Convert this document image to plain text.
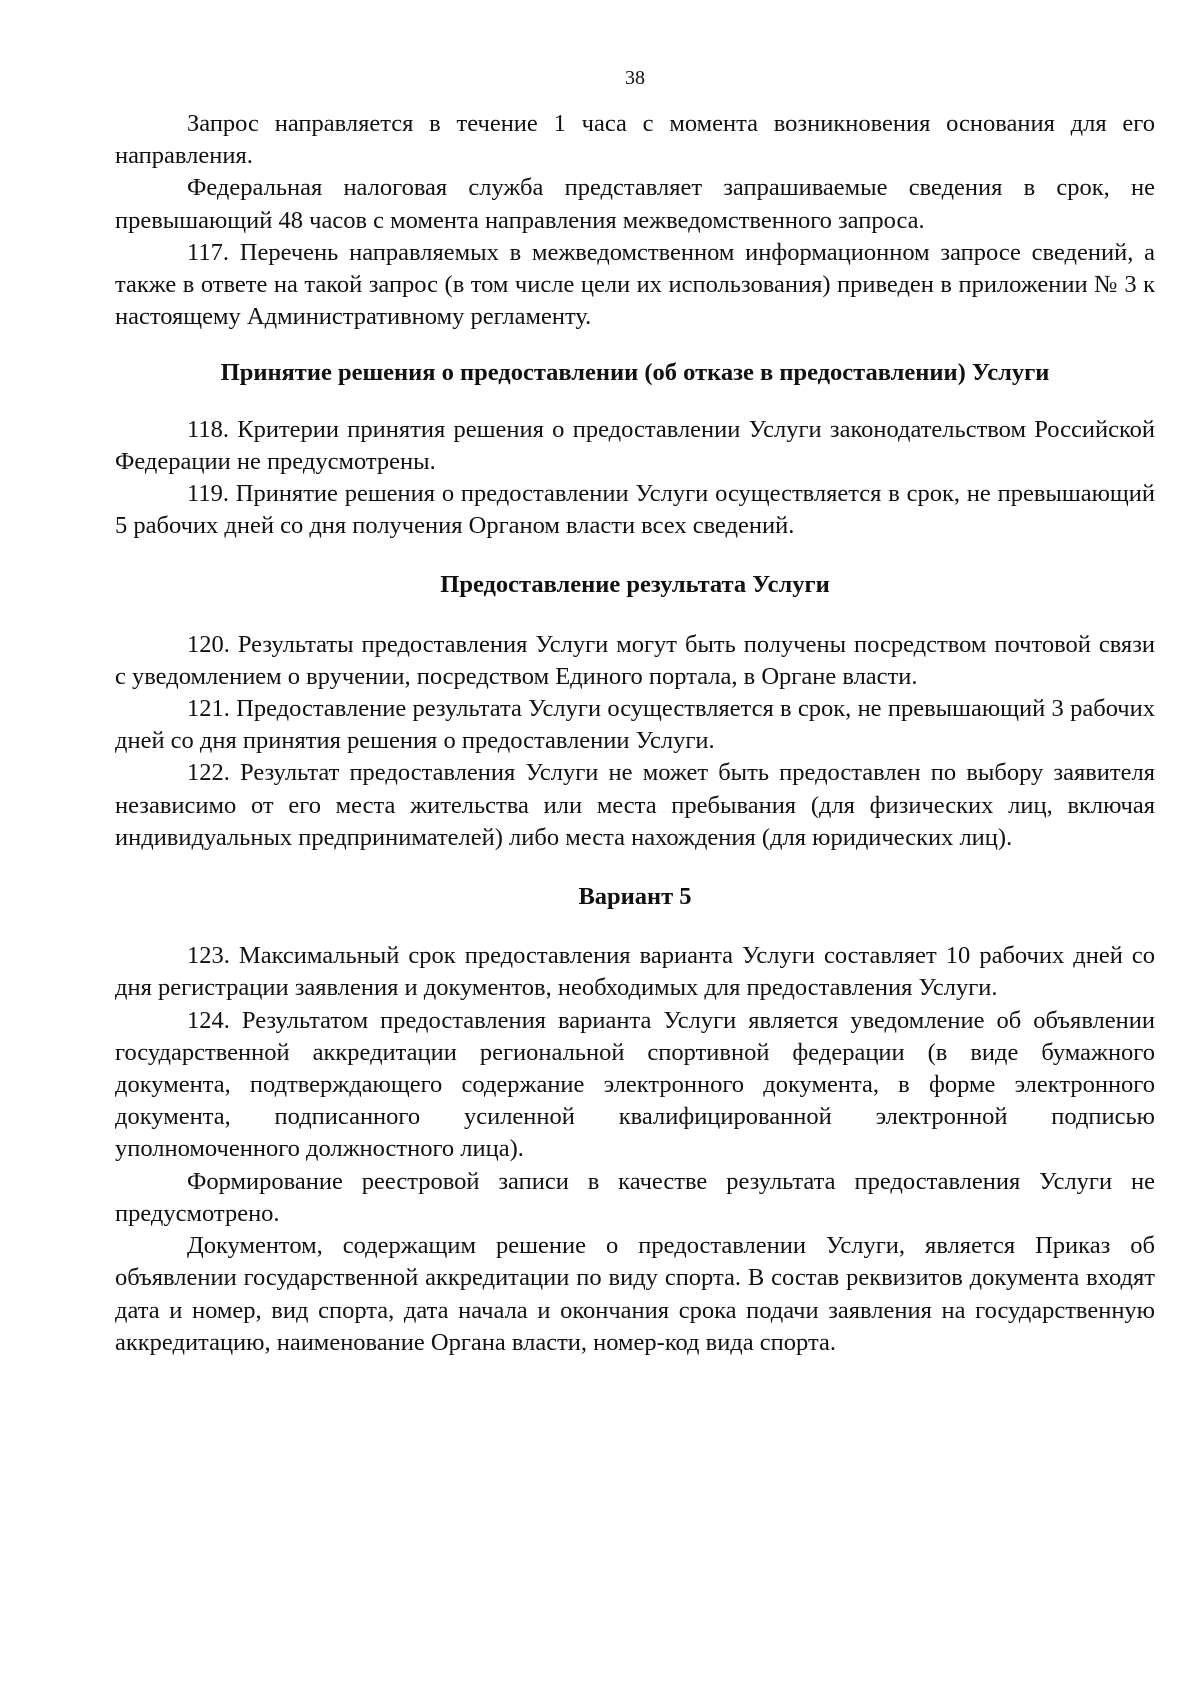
38

Запрос направляется в течение 1 часа с момента возникновения основания для его направления.

Федеральная налоговая служба представляет запрашиваемые сведения в срок, не превышающий 48 часов с момента направления межведомственного запроса.

117. Перечень направляемых в межведомственном информационном запросе сведений, а также в ответе на такой запрос (в том числе цели их использования) приведен в приложении № 3 к настоящему Административному регламенту.

Принятие решения о предоставлении (об отказе в предоставлении) Услуги

118. Критерии принятия решения о предоставлении Услуги законодательством Российской Федерации не предусмотрены.

119. Принятие решения о предоставлении Услуги осуществляется в срок, не превышающий 5 рабочих дней со дня получения Органом власти всех сведений.

Предоставление результата Услуги

120. Результаты предоставления Услуги могут быть получены посредством почтовой связи с уведомлением о вручении, посредством Единого портала, в Органе власти.

121. Предоставление результата Услуги осуществляется в срок, не превышающий 3 рабочих дней со дня принятия решения о предоставлении Услуги.

122. Результат предоставления Услуги не может быть предоставлен по выбору заявителя независимо от его места жительства или места пребывания (для физических лиц, включая индивидуальных предпринимателей) либо места нахождения (для юридических лиц).

Вариант 5

123. Максимальный срок предоставления варианта Услуги составляет 10 рабочих дней со дня регистрации заявления и документов, необходимых для предоставления Услуги.

124. Результатом предоставления варианта Услуги является уведомление об объявлении государственной аккредитации региональной спортивной федерации (в виде бумажного документа, подтверждающего содержание электронного документа, в форме электронного документа, подписанного усиленной квалифицированной электронной подписью уполномоченного должностного лица).

Формирование реестровой записи в качестве результата предоставления Услуги не предусмотрено.

Документом, содержащим решение о предоставлении Услуги, является Приказ об объявлении государственной аккредитации по виду спорта. В состав реквизитов документа входят дата и номер, вид спорта, дата начала и окончания срока подачи заявления на государственную аккредитацию, наименование Органа власти, номер-код вида спорта.
